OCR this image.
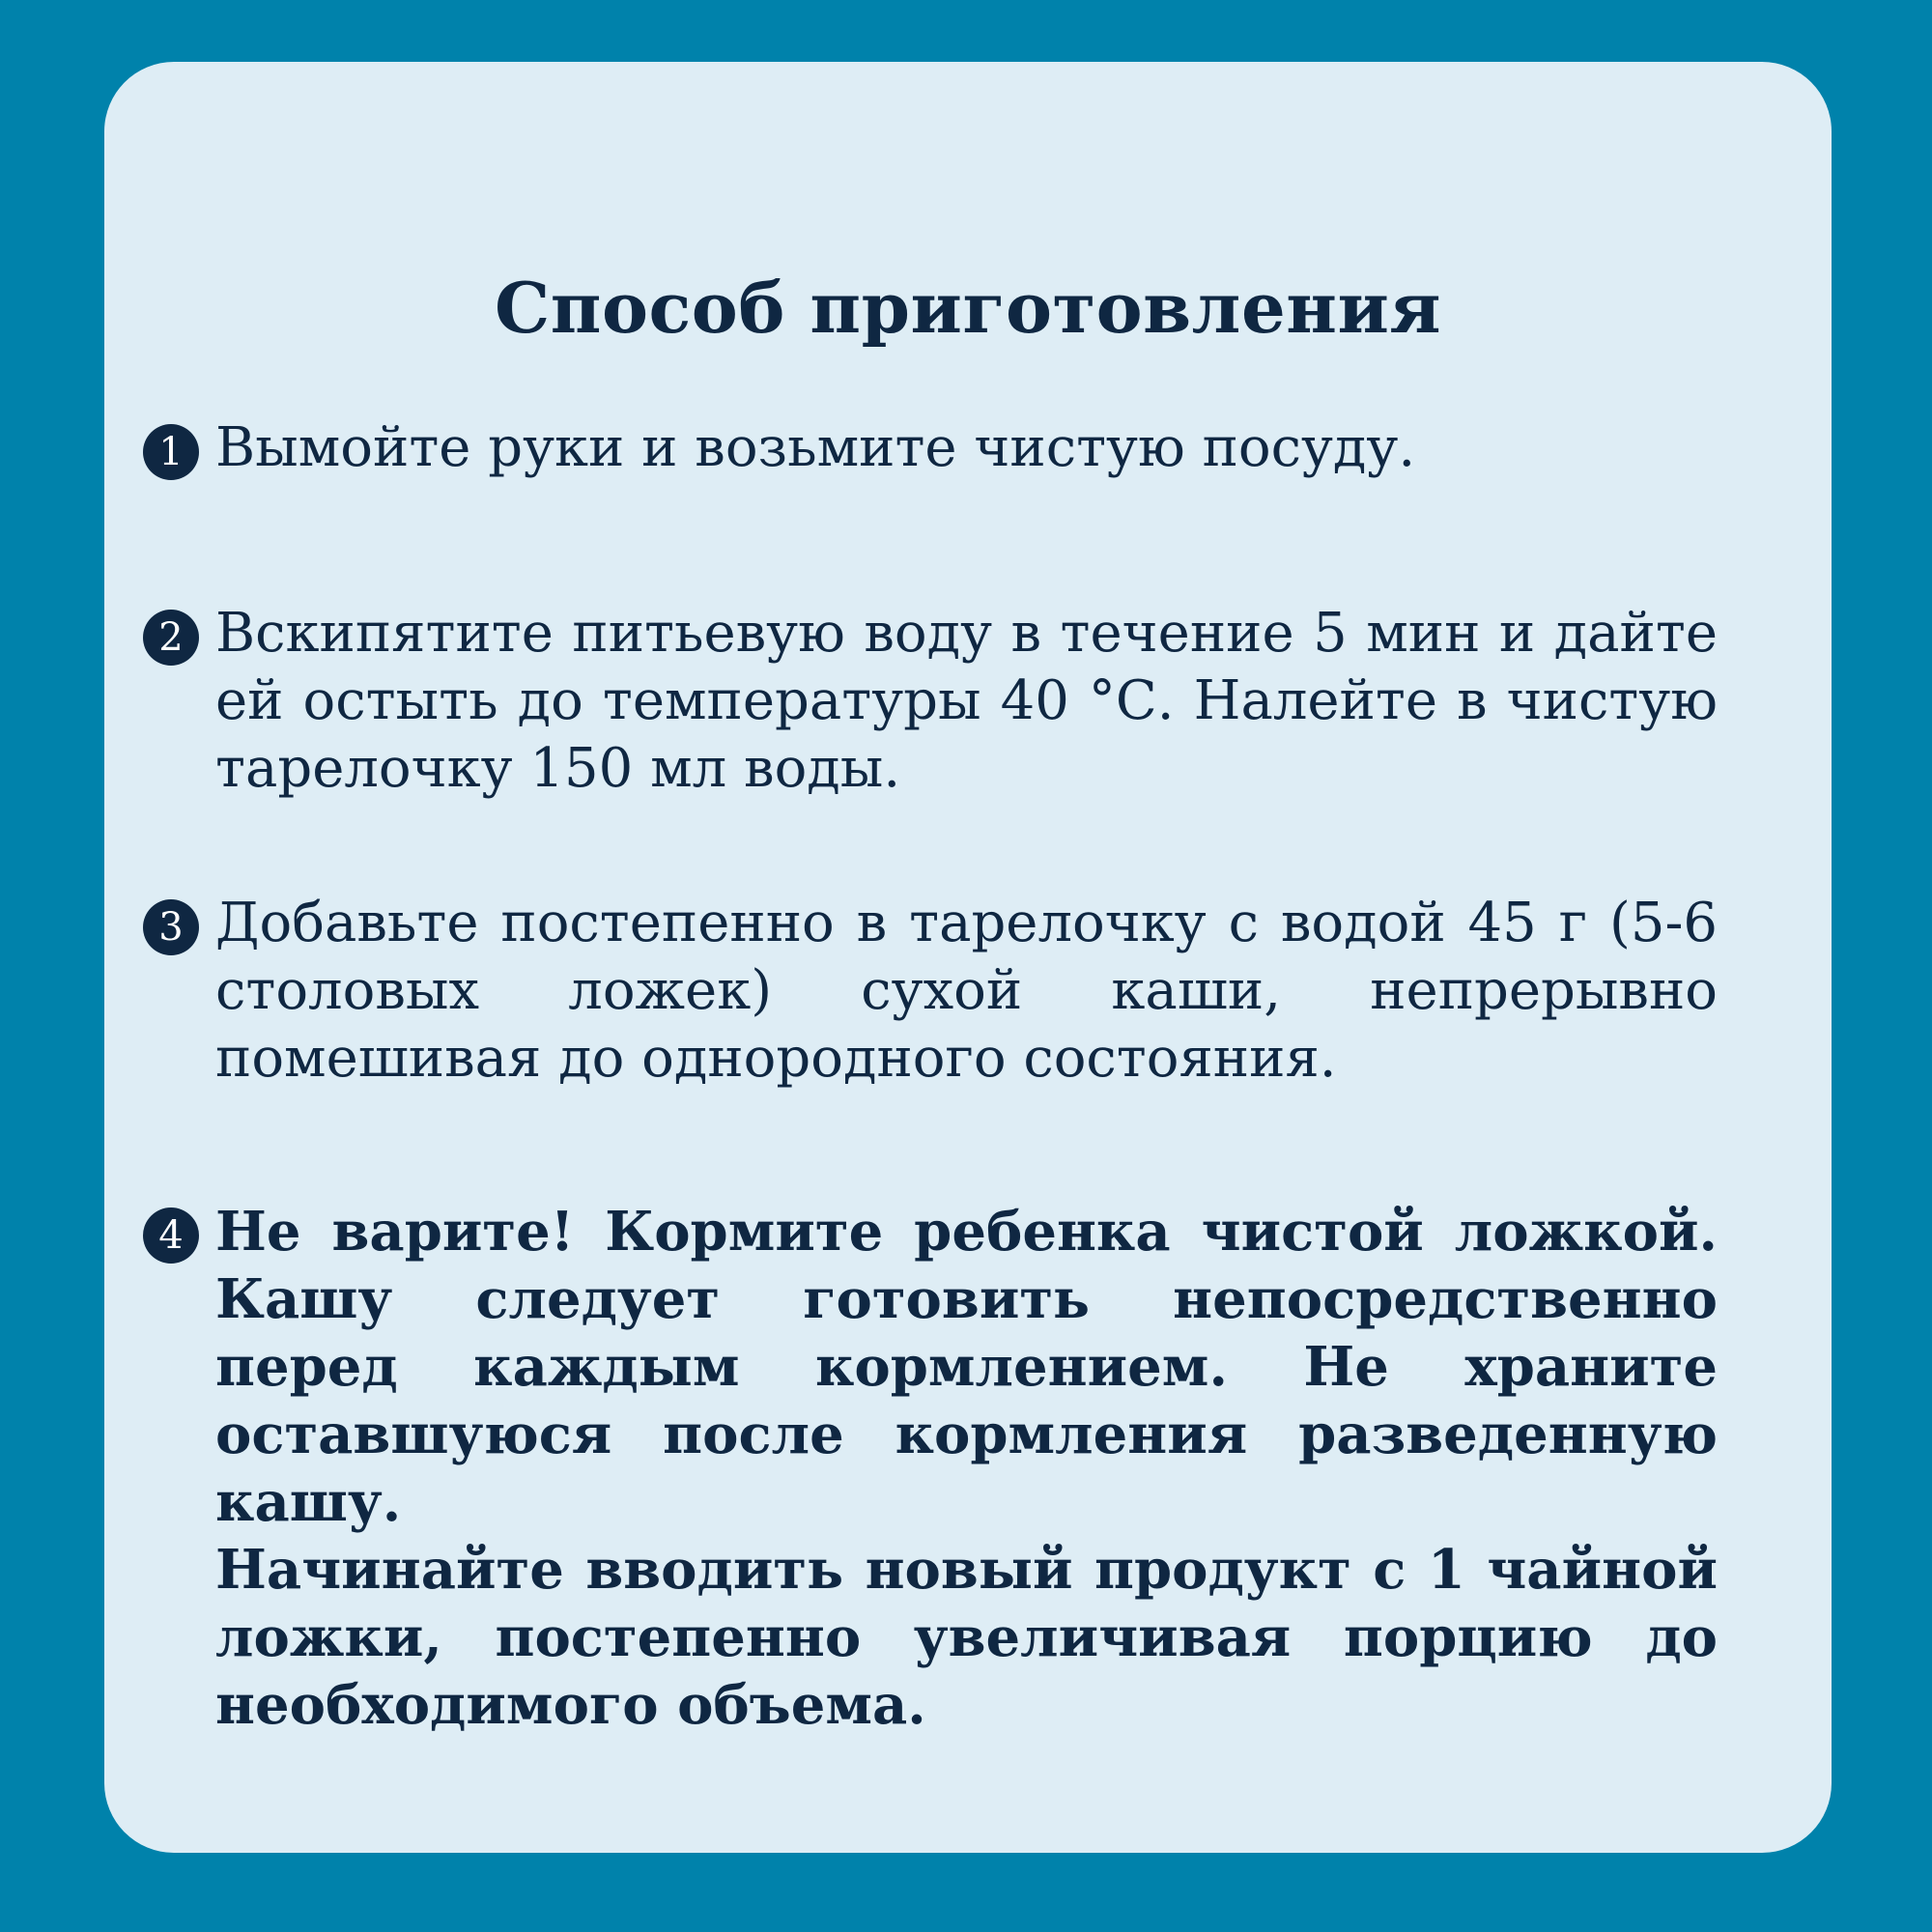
Способ приготовления
1 Вымойте руки и возьмите чистую посуду.
2 Вскипятите питьевую воду в течение 5 мин и дайте ей остыть до температуры 40 °С. Налейте в чистую тарелочку 150 мл воды.
3 Добавьте постепенно в тарелочку с водой 45 г (5-6 столовых ложек) сухой каши, непрерывно помешивая до однородного состояния.
4 Не варите! Кормите ребенка чистой ложкой. Кашу следует готовить непосредственно перед каждым кормлением. Не храните оставшуюся после кормления разведенную кашу.
Начинайте вводить новый продукт с 1 чайной ложки, постепенно увеличивая порцию до необходимого объема.
